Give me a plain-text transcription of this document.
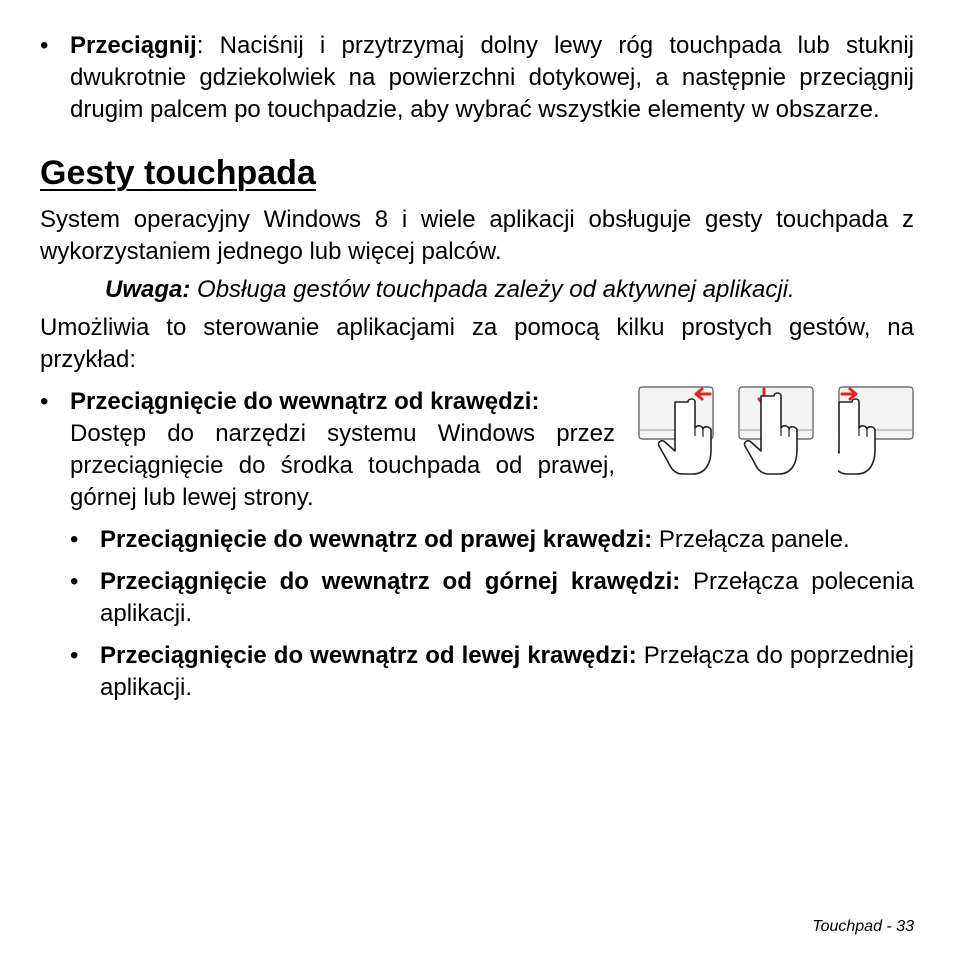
• Przeciągnij: Naciśnij i przytrzymaj dolny lewy róg touchpada lub stuknij dwukrotnie gdziekolwiek na powierzchni dotykowej, a następnie przeciągnij drugim palcem po touchpadzie, aby wybrać wszystkie elementy w obszarze.

Gesty touchpada

System operacyjny Windows 8 i wiele aplikacji obsługuje gesty touchpada z wykorzystaniem jednego lub więcej palców.

Uwaga: Obsługa gestów touchpada zależy od aktywnej aplikacji.

Umożliwia to sterowanie aplikacjami za pomocą kilku prostych gestów, na przykład:

• Przeciągnięcie do wewnątrz od krawędzi:
Dostęp do narzędzi systemu Windows przez przeciągnięcie do środka touchpada od prawej, górnej lub lewej strony.

• Przeciągnięcie do wewnątrz od prawej krawędzi: Przełącza panele.

• Przeciągnięcie do wewnątrz od górnej krawędzi: Przełącza polecenia aplikacji.

• Przeciągnięcie do wewnątrz od lewej krawędzi: Przełącza do poprzedniej aplikacji.

Touchpad - 33
